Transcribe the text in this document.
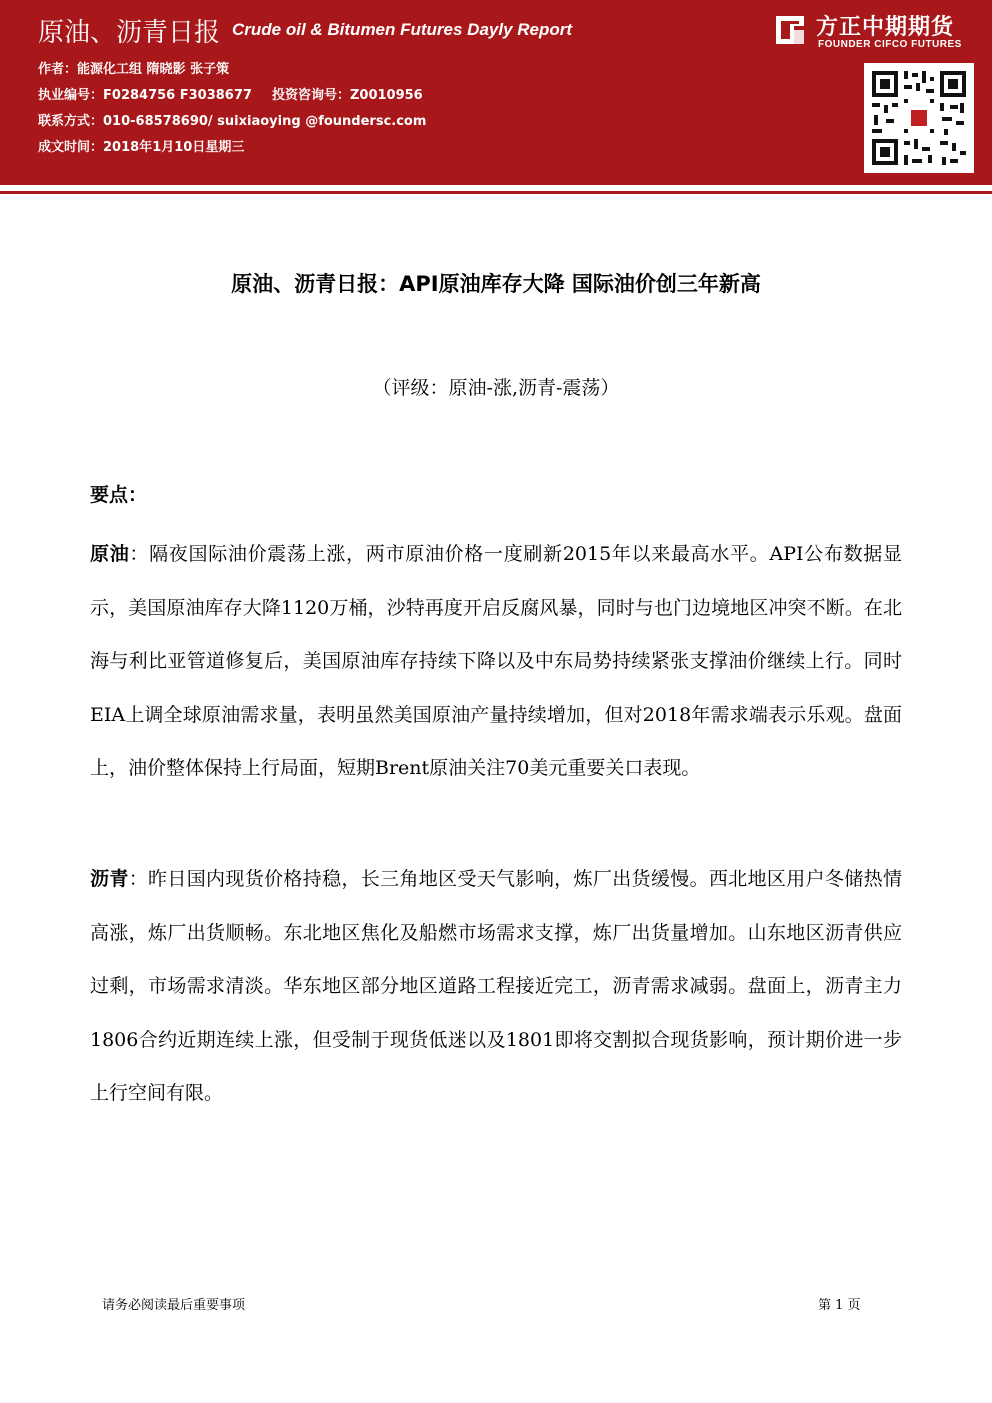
原油、沥青日报 Crude oil & Bitumen Futures Dayly Report
作者：能源化工组 隋晓影 张子策
执业编号：F0284756 F3038677 投资咨询号：Z0010956
联系方式：010-68578690/ suixiaoying @foundersc.com
成文时间：2018年1月10日星期三
方正中期期货
FOUNDER CIFCO FUTURES
原油、沥青日报：API原油库存大降 国际油价创三年新高
（评级：原油-涨,沥青-震荡）
要点：
原油：隔夜国际油价震荡上涨，两市原油价格一度刷新2015年以来最高水平。API公布数据显示，美国原油库存大降1120万桶，沙特再度开启反腐风暴，同时与也门边境地区冲突不断。在北海与利比亚管道修复后，美国原油库存持续下降以及中东局势持续紧张支撑油价继续上行。同时EIA上调全球原油需求量，表明虽然美国原油产量持续增加，但对2018年需求端表示乐观。盘面上，油价整体保持上行局面，短期Brent原油关注70美元重要关口表现。
沥青：昨日国内现货价格持稳，长三角地区受天气影响，炼厂出货缓慢。西北地区用户冬储热情高涨，炼厂出货顺畅。东北地区焦化及船燃市场需求支撑，炼厂出货量增加。山东地区沥青供应过剩，市场需求清淡。华东地区部分地区道路工程接近完工，沥青需求减弱。盘面上，沥青主力1806合约近期连续上涨，但受制于现货低迷以及1801即将交割拟合现货影响，预计期价进一步上行空间有限。
请务必阅读最后重要事项	第 1 页
